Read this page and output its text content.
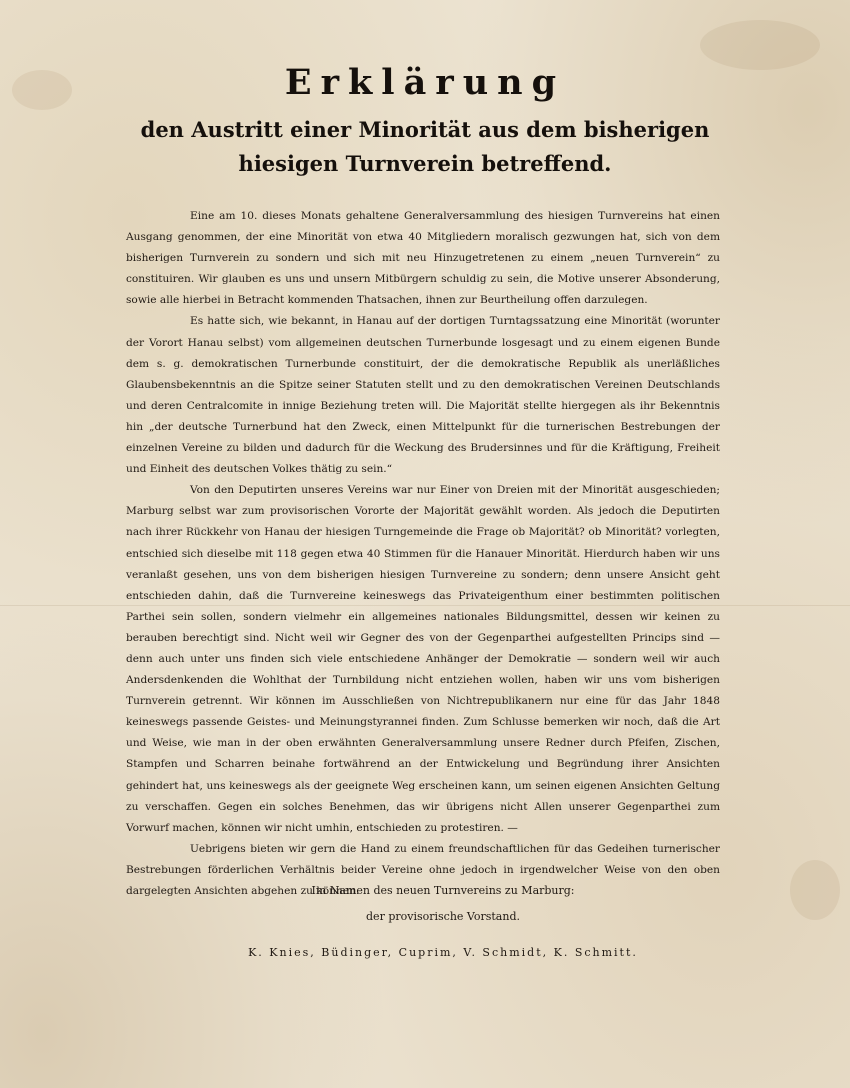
Erklärung
den Austritt einer Minorität aus dem bisherigen hiesigen Turnverein betreffend.

Eine am 10. dieses Monats gehaltene Generalversammlung des hiesigen Turnvereins hat einen Ausgang genommen, der eine Minorität von etwa 40 Mitgliedern moralisch gezwungen hat, sich von dem bisherigen Turnverein zu sondern und sich mit neu Hinzugetretenen zu einem „neuen Turnverein“ zu constituiren. Wir glauben es uns und unsern Mitbürgern schuldig zu sein, die Motive unserer Absonderung, sowie alle hierbei in Betracht kommenden Thatsachen, ihnen zur Beurtheilung offen darzulegen.

Es hatte sich, wie bekannt, in Hanau auf der dortigen Turntagssatzung eine Minorität (worunter der Vorort Hanau selbst) vom allgemeinen deutschen Turnerbunde losgesagt und zu einem eigenen Bunde dem s. g. demokratischen Turnerbunde constituirt, der die demokratische Republik als unerläßliches Glaubensbekenntnis an die Spitze seiner Statuten stellt und zu den demokratischen Vereinen Deutschlands und deren Centralcomite in innige Beziehung treten will. Die Majorität stellte hiergegen als ihr Bekenntnis hin „der deutsche Turnerbund hat den Zweck, einen Mittelpunkt für die turnerischen Bestrebungen der einzelnen Vereine zu bilden und dadurch für die Weckung des Brudersinnes und für die Kräftigung, Freiheit und Einheit des deutschen Volkes thätig zu sein.“

Von den Deputirten unseres Vereins war nur Einer von Dreien mit der Minorität ausgeschieden; Marburg selbst war zum provisorischen Vororte der Majorität gewählt worden. Als jedoch die Deputirten nach ihrer Rückkehr von Hanau der hiesigen Turngemeinde die Frage ob Majorität? ob Minorität? vorlegten, entschied sich dieselbe mit 118 gegen etwa 40 Stimmen für die Hanauer Minorität. Hierdurch haben wir uns veranlaßt gesehen, uns von dem bisherigen hiesigen Turnvereine zu sondern; denn unsere Ansicht geht entschieden dahin, daß die Turnvereine keineswegs das Privateigenthum einer bestimmten politischen Parthei sein sollen, sondern vielmehr ein allgemeines nationales Bildungsmittel, dessen wir keinen zu berauben berechtigt sind. Nicht weil wir Gegner des von der Gegenparthei aufgestellten Princips sind — denn auch unter uns finden sich viele entschiedene Anhänger der Demokratie — sondern weil wir auch Andersdenkenden die Wohlthat der Turnbildung nicht entziehen wollen, haben wir uns vom bisherigen Turnverein getrennt. Wir können im Ausschließen von Nichtrepublikanern nur eine für das Jahr 1848 keineswegs passende Geistes- und Meinungstyrannei finden. Zum Schlusse bemerken wir noch, daß die Art und Weise, wie man in der oben erwähnten Generalversammlung unsere Redner durch Pfeifen, Zischen, Stampfen und Scharren beinahe fortwährend an der Entwickelung und Begründung ihrer Ansichten gehindert hat, uns keineswegs als der geeignete Weg erscheinen kann, um seinen eigenen Ansichten Geltung zu verschaffen. Gegen ein solches Benehmen, das wir übrigens nicht Allen unserer Gegenparthei zum Vorwurf machen, können wir nicht umhin, entschieden zu protestiren. —

Uebrigens bieten wir gern die Hand zu einem freundschaftlichen für das Gedeihen turnerischer Bestrebungen förderlichen Verhältnis beider Vereine ohne jedoch in irgendwelcher Weise von den oben dargelegten Ansichten abgehen zu können.

Im Namen des neuen Turnvereins zu Marburg:
der provisorische Vorstand.
K. Knies, Büdinger, Cuprim, V. Schmidt, K. Schmitt.
